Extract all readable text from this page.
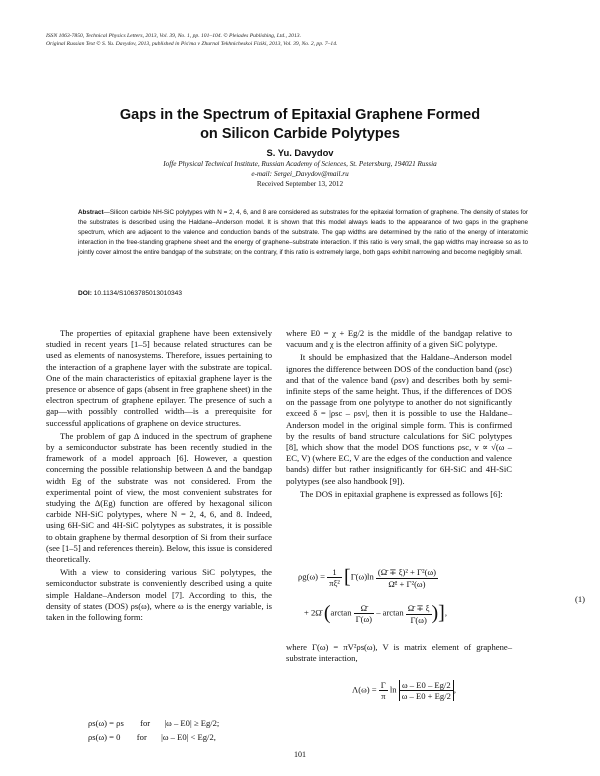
ISSN 1063-7850, Technical Physics Letters, 2013, Vol. 39, No. 1, pp. 101–104. © Pleiades Publishing, Ltd., 2013.
Original Russian Text © S. Yu. Davydov, 2013, published in Pis'ma v Zhurnal Tekhnicheskoi Fiziki, 2013, Vol. 39, No. 2, pp. 7–14.
Gaps in the Spectrum of Epitaxial Graphene Formed
on Silicon Carbide Polytypes
S. Yu. Davydov
Ioffe Physical Technical Institute, Russian Academy of Sciences, St. Petersburg, 194021 Russia
e-mail: Sergei_Davydov@mail.ru
Received September 13, 2012
Abstract—Silicon carbide NH-SiC polytypes with N = 2, 4, 6, and 8 are considered as substrates for the epitaxial formation of graphene. The density of states for the substrates is described using the Haldane–Anderson model. It is shown that this model always leads to the appearance of two gaps in the graphene spectrum, which are adjacent to the valence and conduction bands of the substrate. The gap widths are determined by the ratio of the energy of interatomic interaction in the free-standing graphene sheet and the energy of graphene–substrate interaction. If this ratio is very small, the gap widths may increase so as to jointly cover almost the entire bandgap of the substrate; on the contrary, if this ratio is extremely large, both gaps exhibit narrowing and become negligibly small.
DOI: 10.1134/S1063785013010343

The properties of epitaxial graphene have been extensively studied in recent years [1–5] because related structures can be used as elements of nanosystems. Therefore, issues pertaining to the interaction of a graphene layer with the substrate are topical. One of the main characteristics of epitaxial graphene layer is the presence or absence of gaps (absent in free graphene sheet) in the electron spectrum of graphene epilayer. The presence of such a gap—with possibly controlled width—is a prerequisite for successful applications of graphene on device structures.

The problem of gap Δ induced in the spectrum of graphene by a semiconductor substrate has been recently studied in the framework of a model approach [6]. However, a question concerning the possible relationship between Δ and the bandgap width Eg of the substrate was not considered. From the experimental point of view, the most convenient substrates for studying the Δ(Eg) function are offered by hexagonal silicon carbide NH-SiC polytypes, where N = 2, 4, 6, and 8. Indeed, using 6H-SiC and 4H-SiC polytypes as substrates, it is possible to obtain graphene by thermal desorption of Si from their surface (see [1–5] and references therein). Below, this issue is considered theoretically.

With a view to considering various SiC polytypes, the semiconductor substrate is conveniently described using a quite simple Haldane–Anderson model [7]. According to this, the density of states (DOS) ρs(ω), where ω is the energy variable, is taken in the following form:

ρs(ω) = ρs for |ω – E0| ≥ Eg/2;
ρs(ω) = 0 for |ω – E0| < Eg/2,

where E0 = χ + Eg/2 is the middle of the bandgap relative to vacuum and χ is the electron affinity of a given SiC polytype.

It should be emphasized that the Haldane–Anderson model ignores the difference between DOS of the conduction band (ρsc) and that of the valence band (ρsv) and describes both by semi-infinite steps of the same height. Thus, if the differences of DOS on the passage from one polytype to another do not significantly exceed δ = |ρsc – ρsv|, then it is possible to use the Haldane–Anderson model in the original simple form. This is confirmed by the results of band structure calculations for SiC polytypes [8], which show that the model DOS functions ρsc, v ∝ √(ω – EC, V) (where EC, V are the edges of the conduction and valence bands) differ but rather insignificantly for 6H-SiC and 4H-SiC polytypes (see also handbook [9]).

The DOS in epitaxial graphene is expressed as follows [6]:

$\rho g(\omega) = \frac{1}{\text{πξ²}} [\Gamma(\omega)\ln \frac{\text{(Ω̄ ∓ ξ)² + Γ²(ω)}}{\text{Ω̄² + Γ²(ω)}}$
+ 2Ω̄ ($\arctan \frac{\Omegā}{\Gamma(\omega)}$ – $\arctan \frac{\Omegā \mp \xi}{\Gamma(\omega)}$ )],
(1)

where Γ(ω) = πV²ρs(ω), V is matrix element of graphene–substrate interaction,

$\Lambda(\omega) = \frac{\Gamma}{\pi}$ $\ln \frac{\omega - E0 - Eg/2}{\omega - E0 + Eg/2}$ ,
101
